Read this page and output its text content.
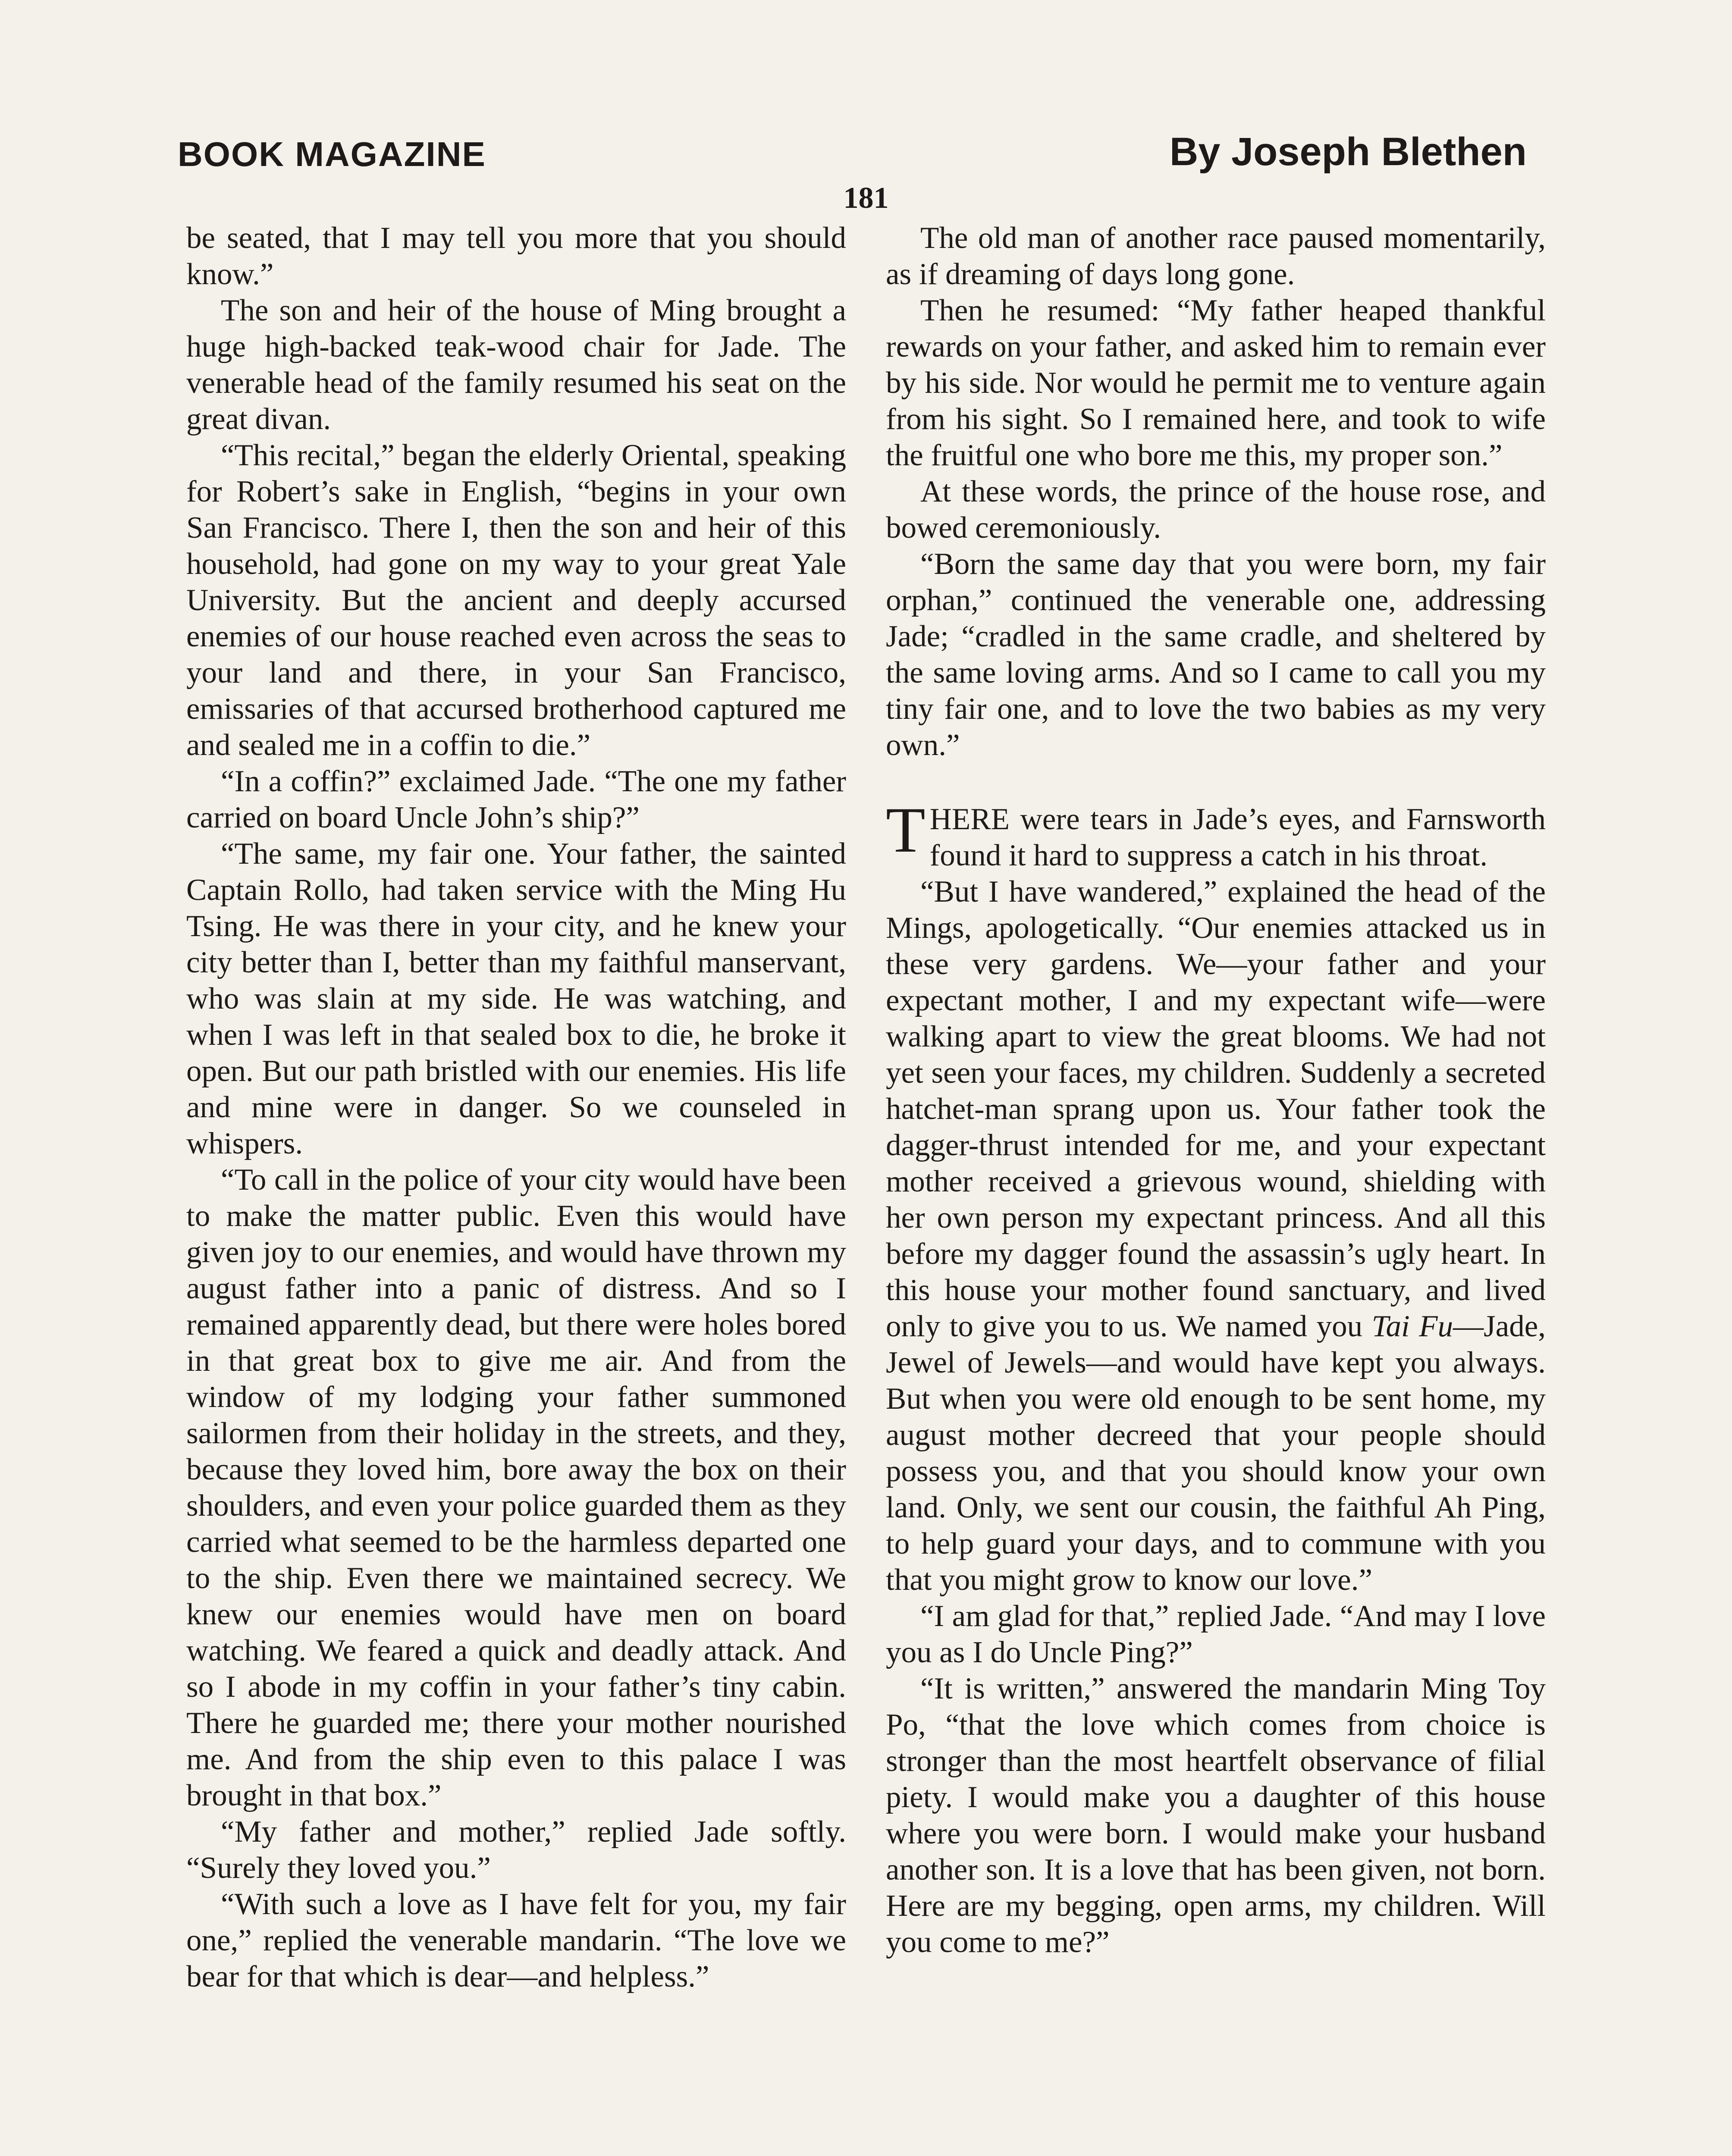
BOOK MAGAZINE	By Joseph Blethen
181

be seated, that I may tell you more that you should know.”

The son and heir of the house of Ming brought a huge high-backed teak-wood chair for Jade. The venerable head of the family resumed his seat on the great divan.

“This recital,” began the elderly Oriental, speaking for Robert’s sake in English, “begins in your own San Francisco. There I, then the son and heir of this household, had gone on my way to your great Yale University. But the ancient and deeply accursed enemies of our house reached even across the seas to your land and there, in your San Francisco, emissaries of that accursed brotherhood captured me and sealed me in a coffin to die.”

“In a coffin?” exclaimed Jade. “The one my father carried on board Uncle John’s ship?”

“The same, my fair one. Your father, the sainted Captain Rollo, had taken service with the Ming Hu Tsing. He was there in your city, and he knew your city better than I, better than my faithful manservant, who was slain at my side. He was watching, and when I was left in that sealed box to die, he broke it open. But our path bristled with our enemies. His life and mine were in danger. So we counseled in whispers.

“To call in the police of your city would have been to make the matter public. Even this would have given joy to our enemies, and would have thrown my august father into a panic of distress. And so I remained apparently dead, but there were holes bored in that great box to give me air. And from the window of my lodging your father summoned sailormen from their holiday in the streets, and they, because they loved him, bore away the box on their shoulders, and even your police guarded them as they carried what seemed to be the harmless departed one to the ship. Even there we maintained secrecy. We knew our enemies would have men on board watching. We feared a quick and deadly attack. And so I abode in my coffin in your father’s tiny cabin. There he guarded me; there your mother nourished me. And from the ship even to this palace I was brought in that box.”

“My father and mother,” replied Jade softly. “Surely they loved you.”

“With such a love as I have felt for you, my fair one,” replied the venerable mandarin. “The love we bear for that which is dear—and helpless.”

The old man of another race paused momentarily, as if dreaming of days long gone.

Then he resumed: “My father heaped thankful rewards on your father, and asked him to remain ever by his side. Nor would he permit me to venture again from his sight. So I remained here, and took to wife the fruitful one who bore me this, my proper son.”

At these words, the prince of the house rose, and bowed ceremoniously.

“Born the same day that you were born, my fair orphan,” continued the venerable one, addressing Jade; “cradled in the same cradle, and sheltered by the same loving arms. And so I came to call you my tiny fair one, and to love the two babies as my very own.”

THERE were tears in Jade’s eyes, and Farnsworth found it hard to suppress a catch in his throat.

“But I have wandered,” explained the head of the Mings, apologetically. “Our enemies attacked us in these very gardens. We—your father and your expectant mother, I and my expectant wife—were walking apart to view the great blooms. We had not yet seen your faces, my children. Suddenly a secreted hatchet-man sprang upon us. Your father took the dagger-thrust intended for me, and your expectant mother received a grievous wound, shielding with her own person my expectant princess. And all this before my dagger found the assassin’s ugly heart. In this house your mother found sanctuary, and lived only to give you to us. We named you Tai Fu—Jade, Jewel of Jewels—and would have kept you always. But when you were old enough to be sent home, my august mother decreed that your people should possess you, and that you should know your own land. Only, we sent our cousin, the faithful Ah Ping, to help guard your days, and to commune with you that you might grow to know our love.”

“I am glad for that,” replied Jade. “And may I love you as I do Uncle Ping?”

“It is written,” answered the mandarin Ming Toy Po, “that the love which comes from choice is stronger than the most heartfelt observance of filial piety. I would make you a daughter of this house where you were born. I would make your husband another son. It is a love that has been given, not born. Here are my begging, open arms, my children. Will you come to me?”
